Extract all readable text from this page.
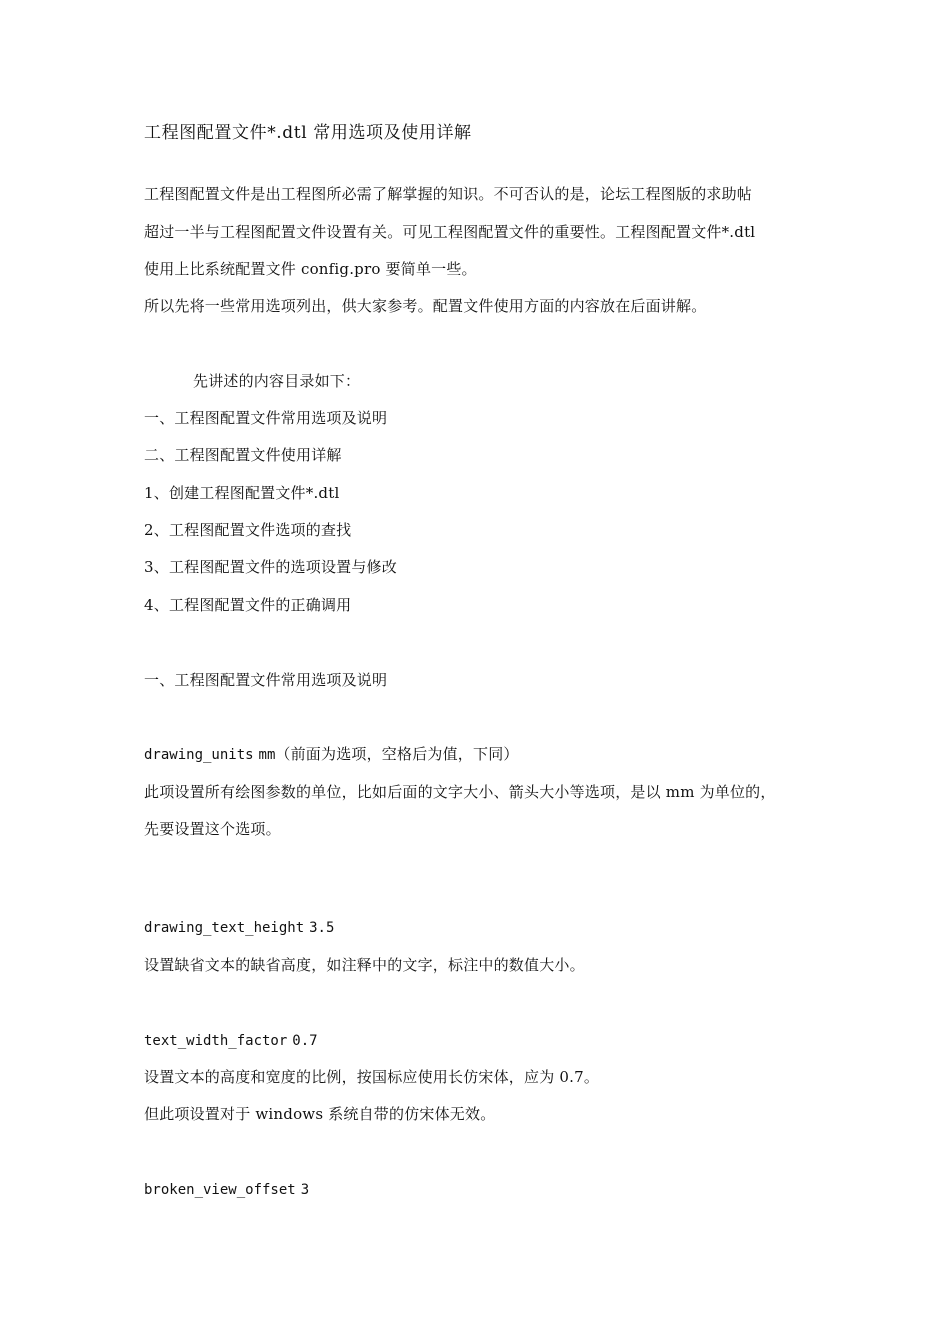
工程图配置文件*.dtl 常用选项及使用详解
工程图配置文件是出工程图所必需了解掌握的知识。不可否认的是，论坛工程图版的求助帖
超过一半与工程图配置文件设置有关。可见工程图配置文件的重要性。工程图配置文件*.dtl
使用上比系统配置文件 config.pro 要简单一些。
所以先将一些常用选项列出，供大家参考。配置文件使用方面的内容放在后面讲解。
先讲述的内容目录如下：
一、工程图配置文件常用选项及说明
二、工程图配置文件使用详解
1、创建工程图配置文件*.dtl
2、工程图配置文件选项的查找
3、工程图配置文件的选项设置与修改
4、工程图配置文件的正确调用
一、工程图配置文件常用选项及说明
drawing_units mm（前面为选项，空格后为值，下同）
此项设置所有绘图参数的单位，比如后面的文字大小、箭头大小等选项，是以 mm 为单位的，
先要设置这个选项。
drawing_text_height 3.5
设置缺省文本的缺省高度，如注释中的文字，标注中的数值大小。
text_width_factor 0.7
设置文本的高度和宽度的比例，按国标应使用长仿宋体，应为 0.7。
但此项设置对于 windows 系统自带的仿宋体无效。
broken_view_offset 3
